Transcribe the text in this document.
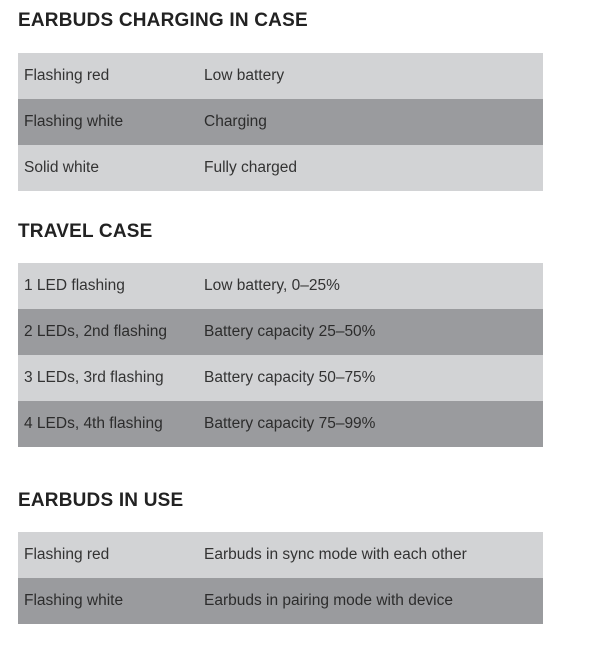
EARBUDS CHARGING IN CASE
Flashing red	Low battery
Flashing white	Charging
Solid white	Fully charged
TRAVEL CASE
1 LED flashing	Low battery, 0–25%
2 LEDs, 2nd flashing	Battery capacity 25–50%
3 LEDs, 3rd flashing	Battery capacity 50–75%
4 LEDs, 4th flashing	Battery capacity 75–99%
EARBUDS IN USE
Flashing red	Earbuds in sync mode with each other
Flashing white	Earbuds in pairing mode with device
